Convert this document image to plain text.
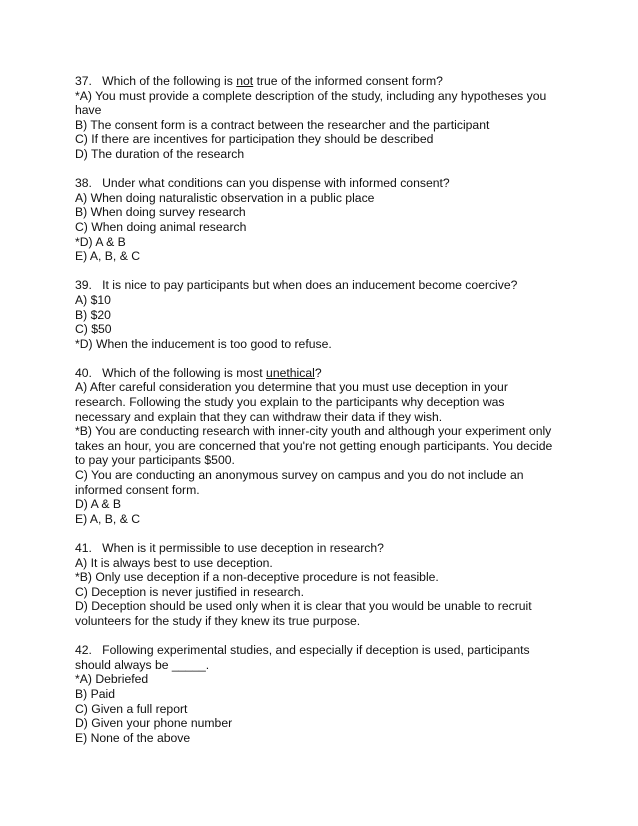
37. Which of the following is not true of the informed consent form?
*A) You must provide a complete description of the study, including any hypotheses you have
B) The consent form is a contract between the researcher and the participant
C) If there are incentives for participation they should be described
D) The duration of the research
38. Under what conditions can you dispense with informed consent?
A) When doing naturalistic observation in a public place
B) When doing survey research
C) When doing animal research
*D) A & B
E) A, B, & C
39. It is nice to pay participants but when does an inducement become coercive?
A) $10
B) $20
C) $50
*D) When the inducement is too good to refuse.
40. Which of the following is most unethical?
A) After careful consideration you determine that you must use deception in your research. Following the study you explain to the participants why deception was necessary and explain that they can withdraw their data if they wish.
*B) You are conducting research with inner-city youth and although your experiment only takes an hour, you are concerned that you're not getting enough participants. You decide to pay your participants $500.
C) You are conducting an anonymous survey on campus and you do not include an informed consent form.
D) A & B
E) A, B, & C
41. When is it permissible to use deception in research?
A) It is always best to use deception.
*B) Only use deception if a non-deceptive procedure is not feasible.
C) Deception is never justified in research.
D) Deception should be used only when it is clear that you would be unable to recruit volunteers for the study if they knew its true purpose.
42. Following experimental studies, and especially if deception is used, participants should always be _____.
*A) Debriefed
B) Paid
C) Given a full report
D) Given your phone number
E) None of the above
